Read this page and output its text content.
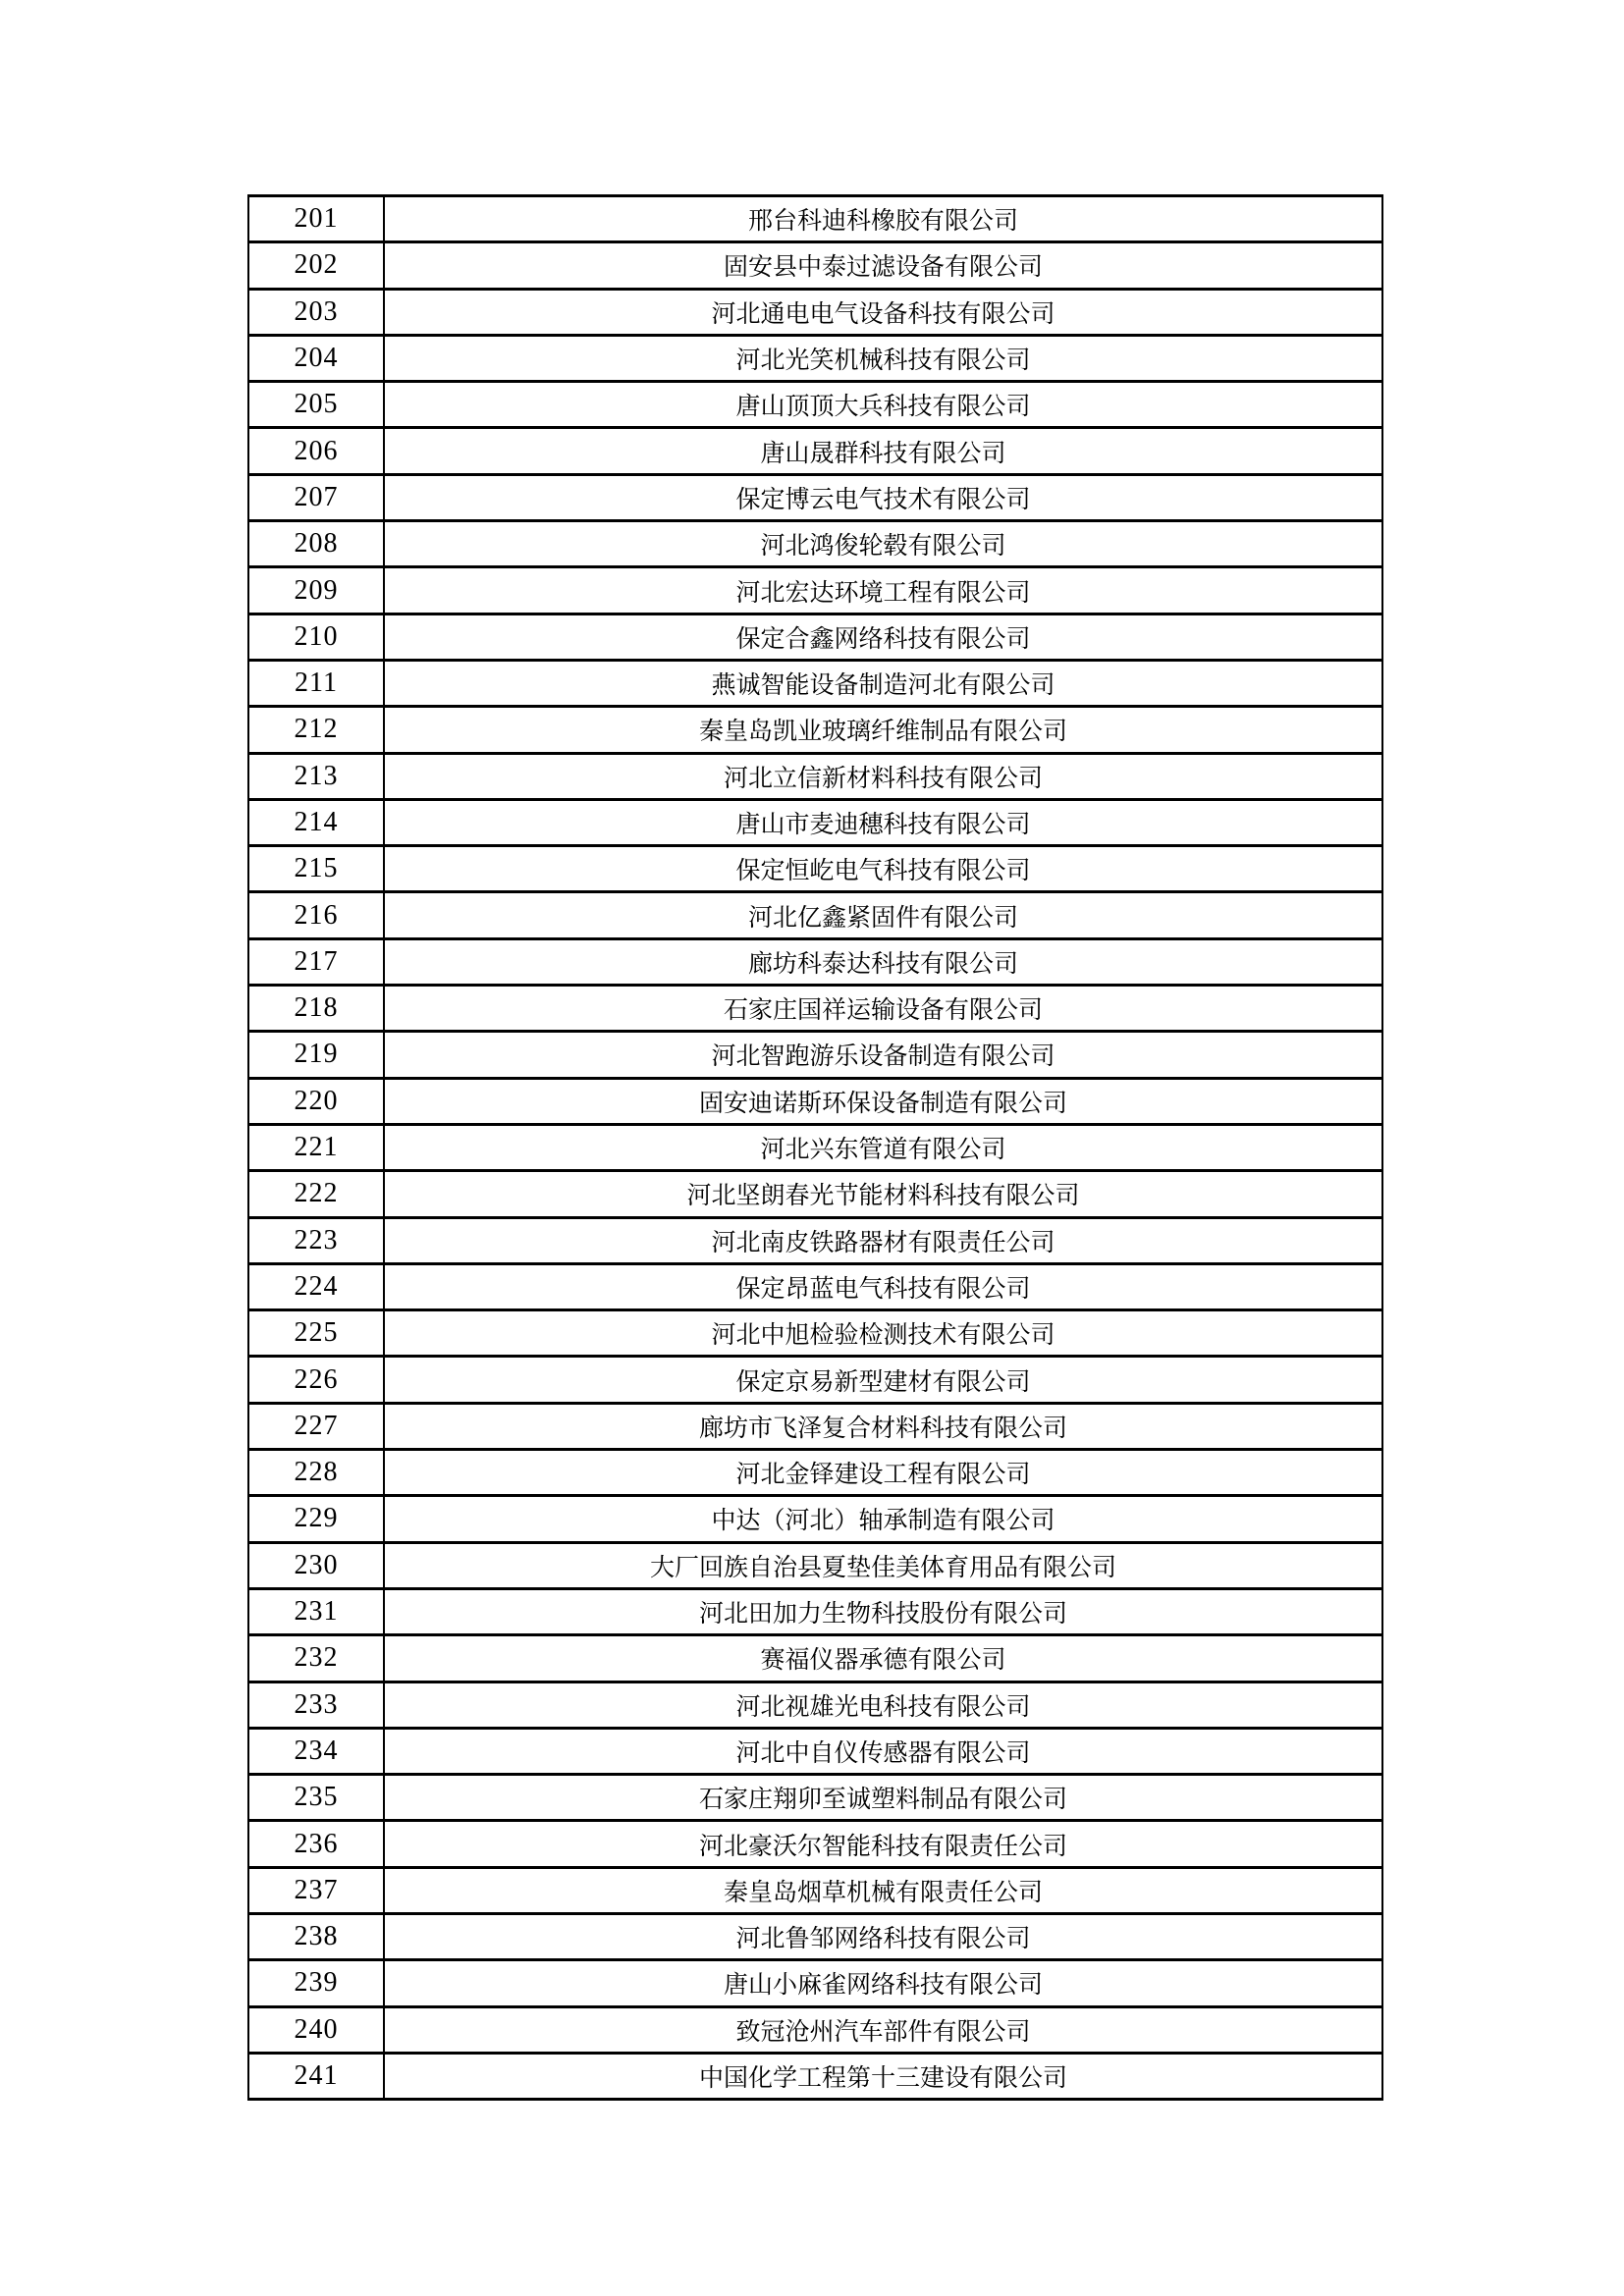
201	邢台科迪科橡胶有限公司
202	固安县中泰过滤设备有限公司
203	河北通电电气设备科技有限公司
204	河北光笑机械科技有限公司
205	唐山顶顶大兵科技有限公司
206	唐山晟群科技有限公司
207	保定博云电气技术有限公司
208	河北鸿俊轮毂有限公司
209	河北宏达环境工程有限公司
210	保定合鑫网络科技有限公司
211	燕诚智能设备制造河北有限公司
212	秦皇岛凯业玻璃纤维制品有限公司
213	河北立信新材料科技有限公司
214	唐山市麦迪穗科技有限公司
215	保定恒屹电气科技有限公司
216	河北亿鑫紧固件有限公司
217	廊坊科泰达科技有限公司
218	石家庄国祥运输设备有限公司
219	河北智跑游乐设备制造有限公司
220	固安迪诺斯环保设备制造有限公司
221	河北兴东管道有限公司
222	河北坚朗春光节能材料科技有限公司
223	河北南皮铁路器材有限责任公司
224	保定昂蓝电气科技有限公司
225	河北中旭检验检测技术有限公司
226	保定京易新型建材有限公司
227	廊坊市飞泽复合材料科技有限公司
228	河北金铎建设工程有限公司
229	中达（河北）轴承制造有限公司
230	大厂回族自治县夏垫佳美体育用品有限公司
231	河北田加力生物科技股份有限公司
232	赛福仪器承德有限公司
233	河北视雄光电科技有限公司
234	河北中自仪传感器有限公司
235	石家庄翔卯至诚塑料制品有限公司
236	河北豪沃尔智能科技有限责任公司
237	秦皇岛烟草机械有限责任公司
238	河北鲁邹网络科技有限公司
239	唐山小麻雀网络科技有限公司
240	致冠沧州汽车部件有限公司
241	中国化学工程第十三建设有限公司
